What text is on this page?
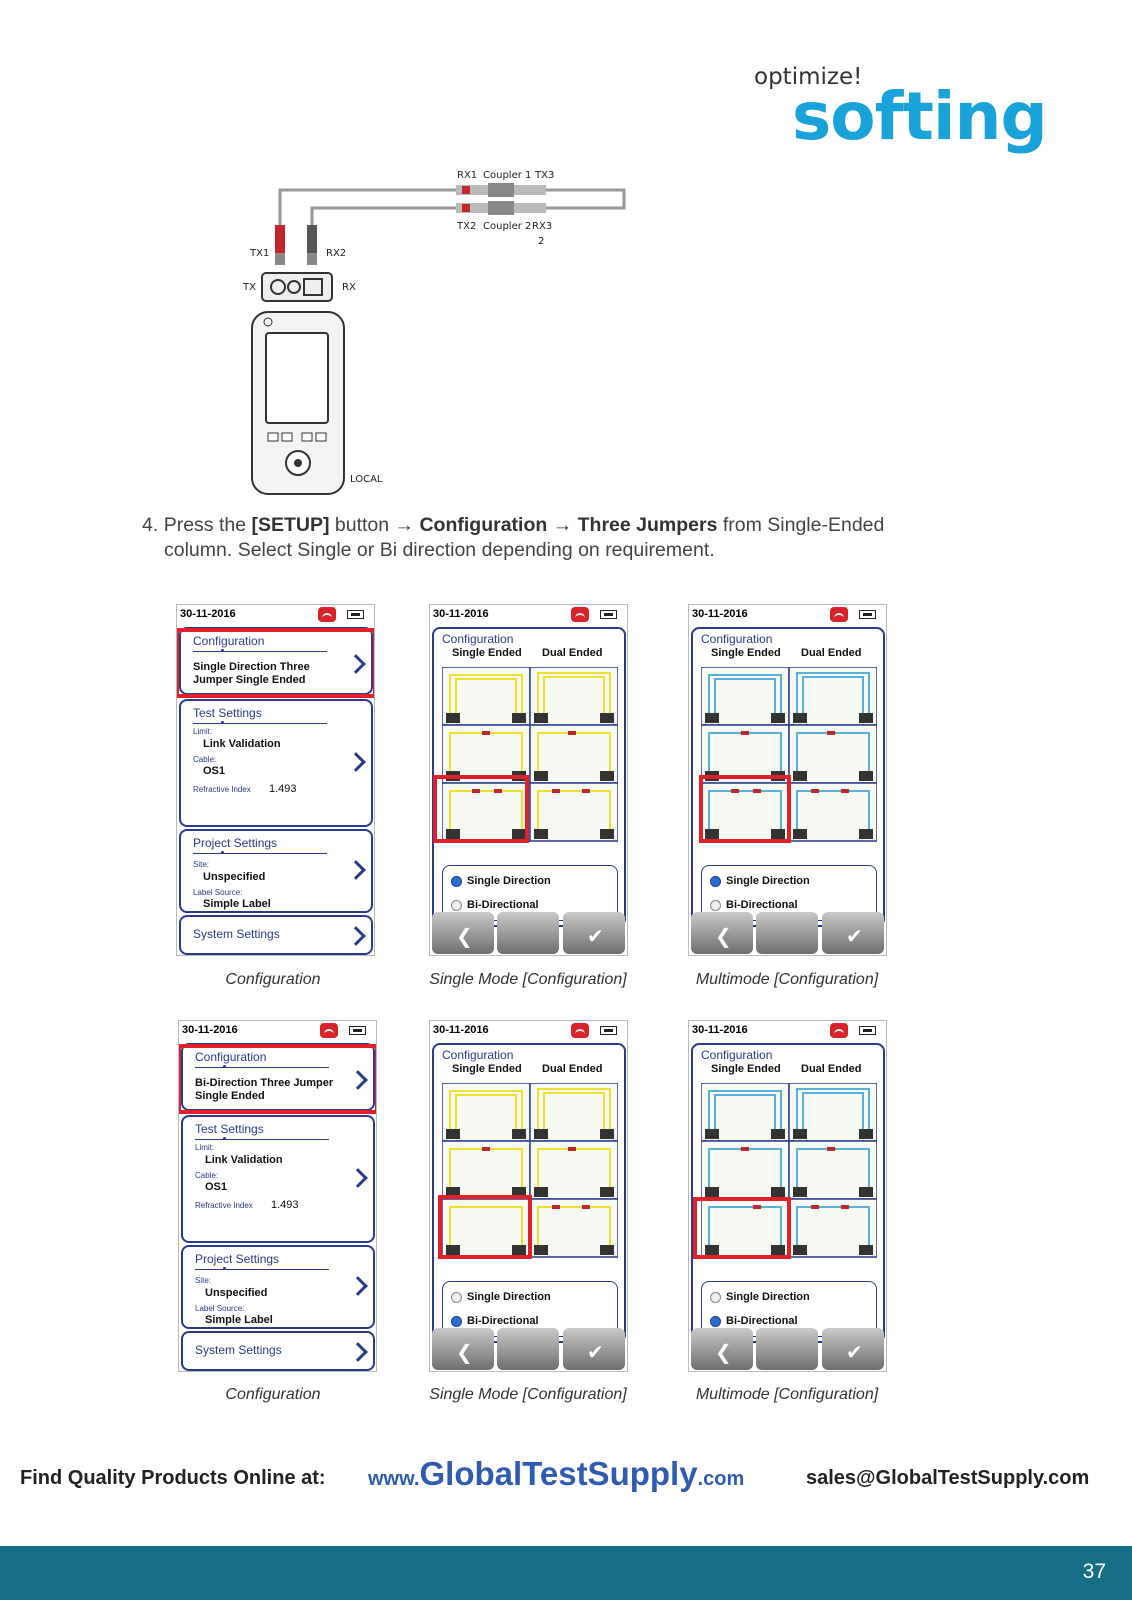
optimize!
softing
RX1 Coupler 1 TX3
TX2 Coupler 2 RX3
2
TX1	RX2
TX	RX
LOCAL
4. Press the [SETUP] button → Configuration → Three Jumpers from Single-Ended
column. Select Single or Bi direction depending on requirement.
30-11-2016
Configuration
Single Direction Three
Jumper Single Ended
Test Settings
Limit:
Link Validation
Cable:
OS1
Refractive Index 1.493
Project Settings
Site:
Unspecified
Label Source:
Simple Label
System Settings
30-11-2016
Configuration
Single Ended Dual Ended
Single Direction
Bi-Directional
❮	✔
30-11-2016
Configuration
Single Ended Dual Ended
Single Direction
Bi-Directional
❮	✔
Configuration	Single Mode [Configuration]	Multimode [Configuration]
30-11-2016
Configuration
Bi-Direction Three Jumper
Single Ended
Test Settings
Limit:
Link Validation
Cable:
OS1
Refractive Index 1.493
Project Settings
Site:
Unspecified
Label Source:
Simple Label
System Settings
30-11-2016
Configuration
Single Ended Dual Ended
Single Direction
Bi-Directional
❮	✔
30-11-2016
Configuration
Single Ended Dual Ended
Single Direction
Bi-Directional
❮	✔
Configuration	Single Mode [Configuration]	Multimode [Configuration]
Find Quality Products Online at: www.GlobalTestSupply.com	sales@GlobalTestSupply.com
37
